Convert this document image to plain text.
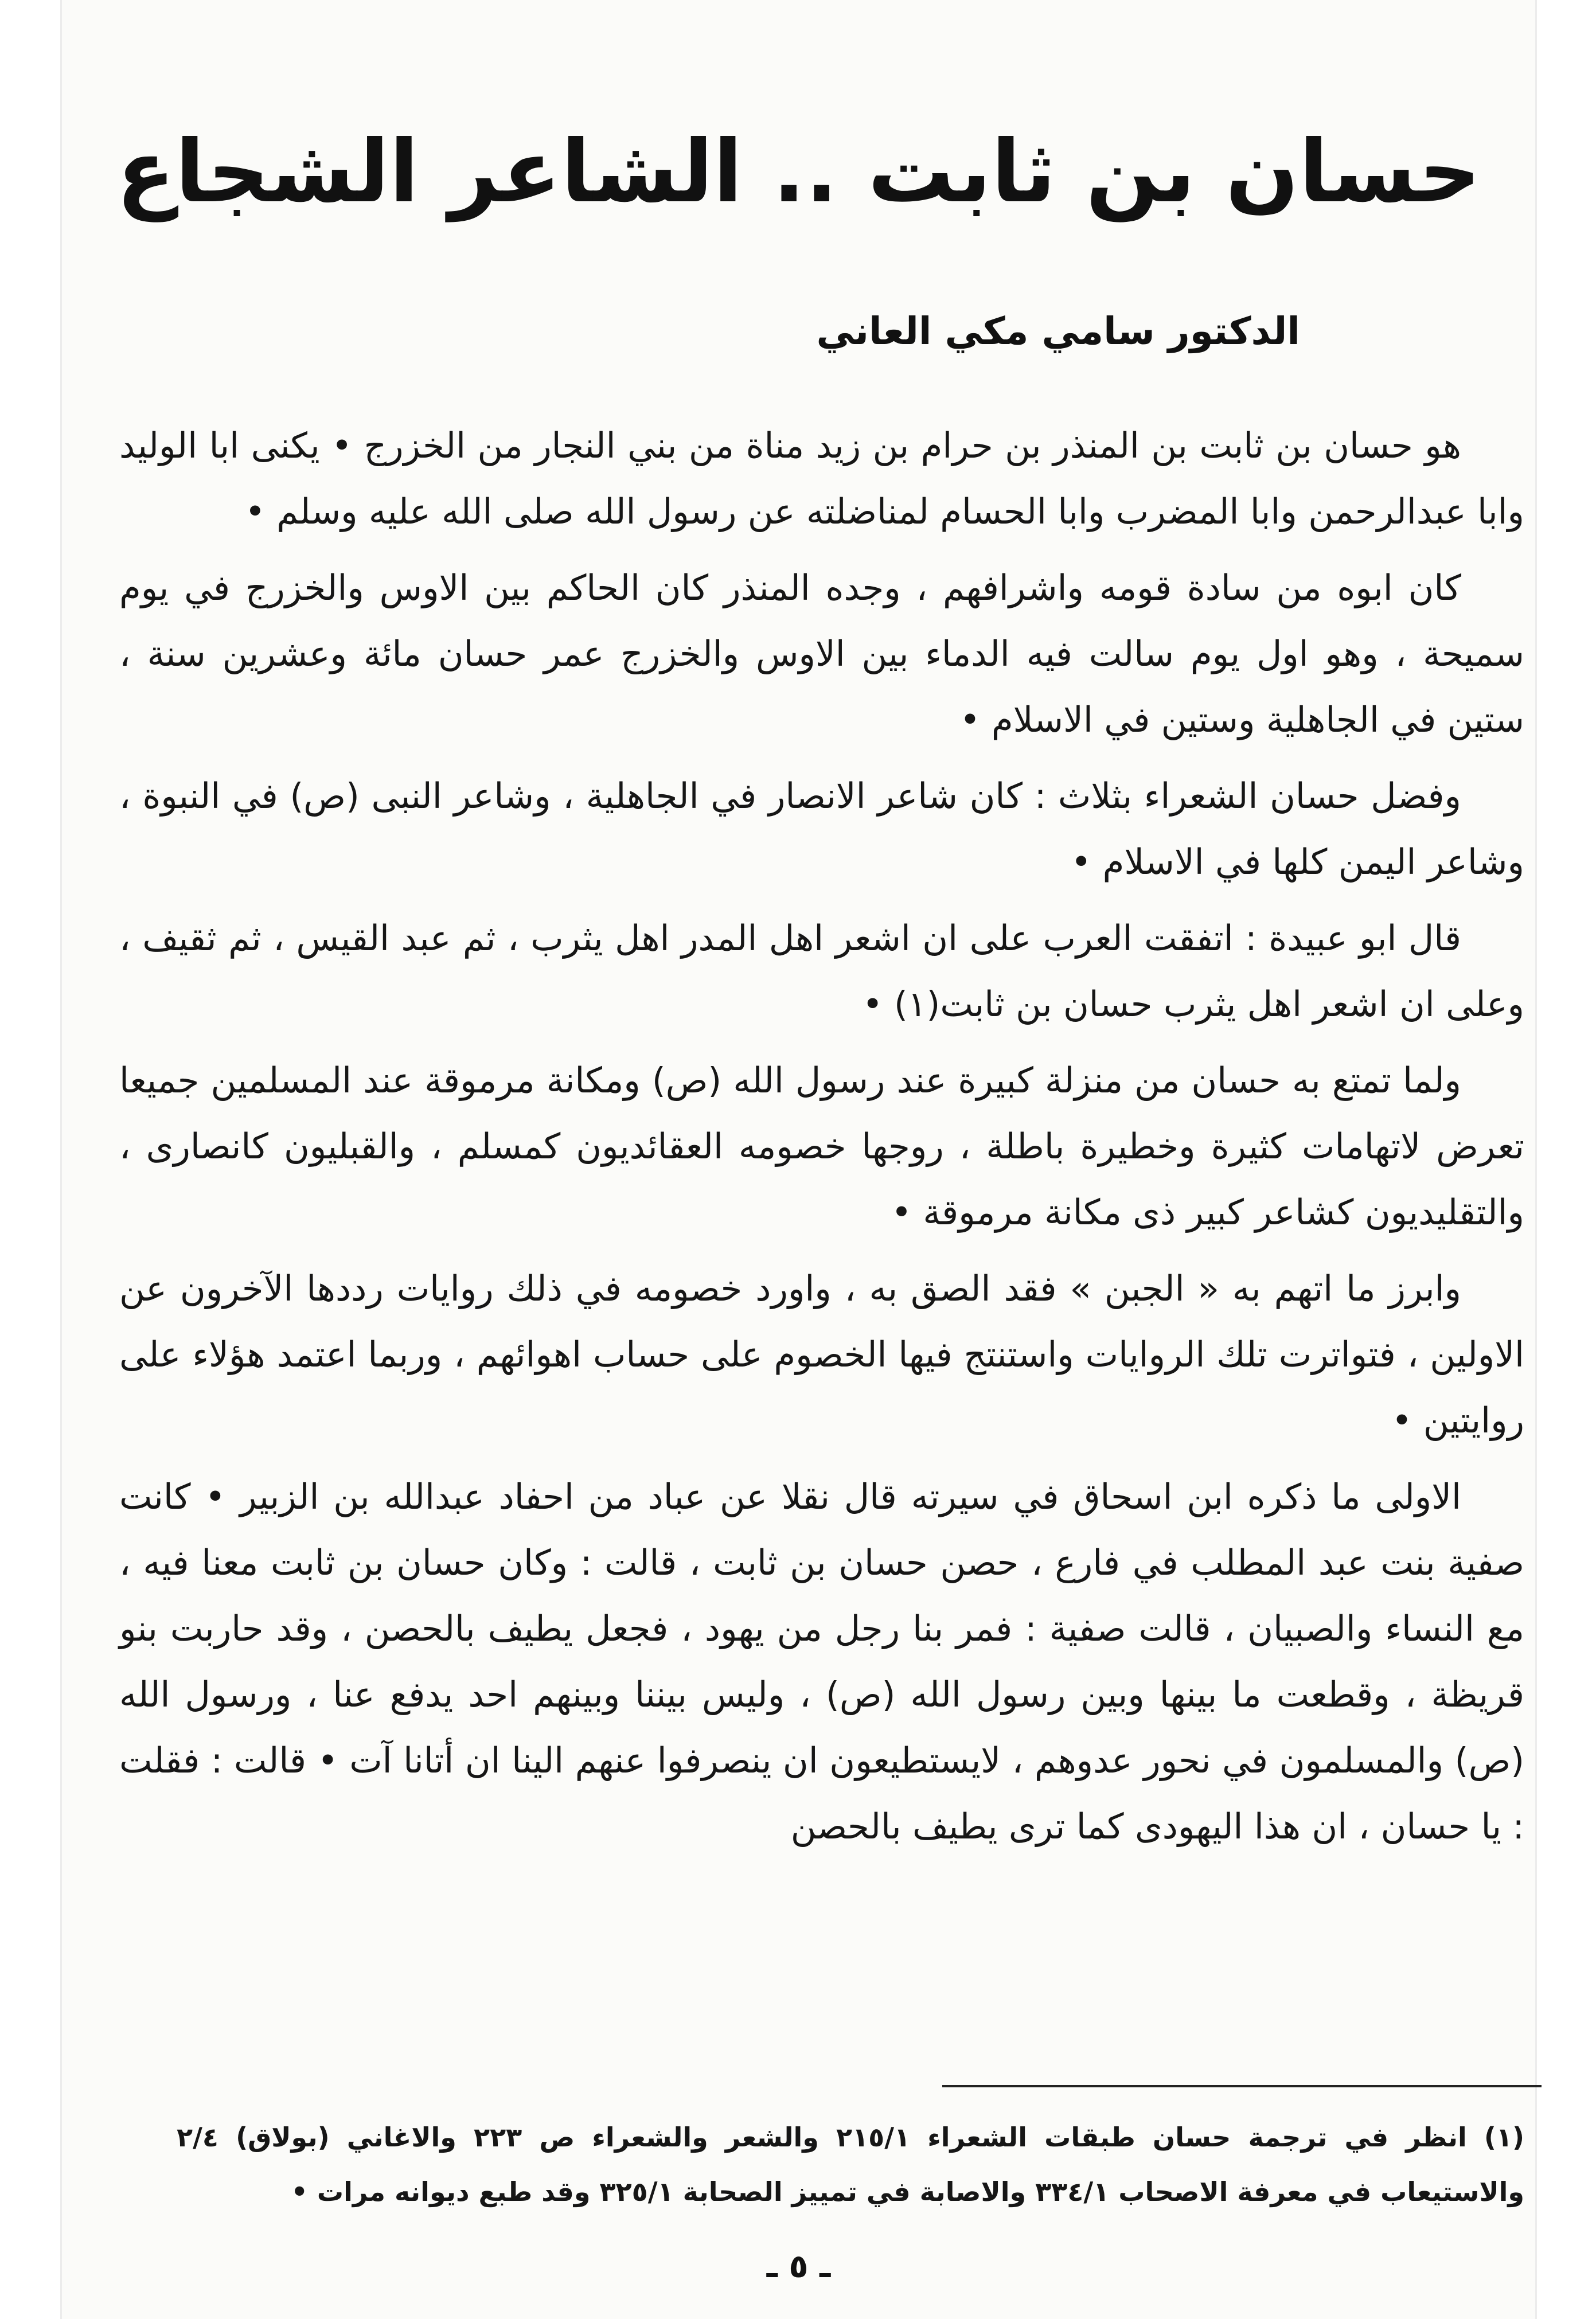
حسان بن ثابت .. الشاعر الشجاع
الدكتور سامي مكي العاني

هو حسان بن ثابت بن المنذر بن حرام بن زيد مناة من بني النجار من الخزرج • يكنى ابا الوليد وابا عبدالرحمن وابا المضرب وابا الحسام لمناضلته عن رسول الله صلى الله عليه وسلم •

كان ابوه من سادة قومه واشرافهم ، وجده المنذر كان الحاكم بين الاوس والخزرج في يوم سميحة ، وهو اول يوم سالت فيه الدماء بين الاوس والخزرج عمر حسان مائة وعشرين سنة ، ستين في الجاهلية وستين في الاسلام •

وفضل حسان الشعراء بثلاث : كان شاعر الانصار في الجاهلية ، وشاعر النبى (ص) في النبوة ، وشاعر اليمن كلها في الاسلام •

قال ابو عبيدة : اتفقت العرب على ان اشعر اهل المدر اهل يثرب ، ثم عبد القيس ، ثم ثقيف ، وعلى ان اشعر اهل يثرب حسان بن ثابت(١) •

ولما تمتع به حسان من منزلة كبيرة عند رسول الله (ص) ومكانة مرموقة عند المسلمين جميعا تعرض لاتهامات كثيرة وخطيرة باطلة ، روجها خصومه العقائديون كمسلم ، والقبليون كانصارى ، والتقليديون كشاعر كبير ذى مكانة مرموقة •

وابرز ما اتهم به « الجبن » فقد الصق به ، واورد خصومه في ذلك روايات رددها الآخرون عن الاولين ، فتواترت تلك الروايات واستنتج فيها الخصوم على حساب اهوائهم ، وربما اعتمد هؤلاء على روايتين •

الاولى ما ذكره ابن اسحاق في سيرته قال نقلا عن عباد من احفاد عبدالله بن الزبير • كانت صفية بنت عبد المطلب في فارع ، حصن حسان بن ثابت ، قالت : وكان حسان بن ثابت معنا فيه ، مع النساء والصبيان ، قالت صفية : فمر بنا رجل من يهود ، فجعل يطيف بالحصن ، وقد حاربت بنو قريظة ، وقطعت ما بينها وبين رسول الله (ص) ، وليس بيننا وبينهم احد يدفع عنا ، ورسول الله (ص) والمسلمون في نحور عدوهم ، لايستطيعون ان ينصرفوا عنهم الينا ان أتانا آت • قالت : فقلت : يا حسان ، ان هذا اليهودى كما ترى يطيف بالحصن

(١) انظر في ترجمة حسان طبقات الشعراء ٢١٥/١ والشعر والشعراء ص ٢٢٣ والاغاني (بولاق) ٢/٤ والاستيعاب في معرفة الاصحاب ٣٣٤/١ والاصابة في تمييز الصحابة ٣٢٥/١ وقد طبع ديوانه مرات •
ـ ٥ ـ
